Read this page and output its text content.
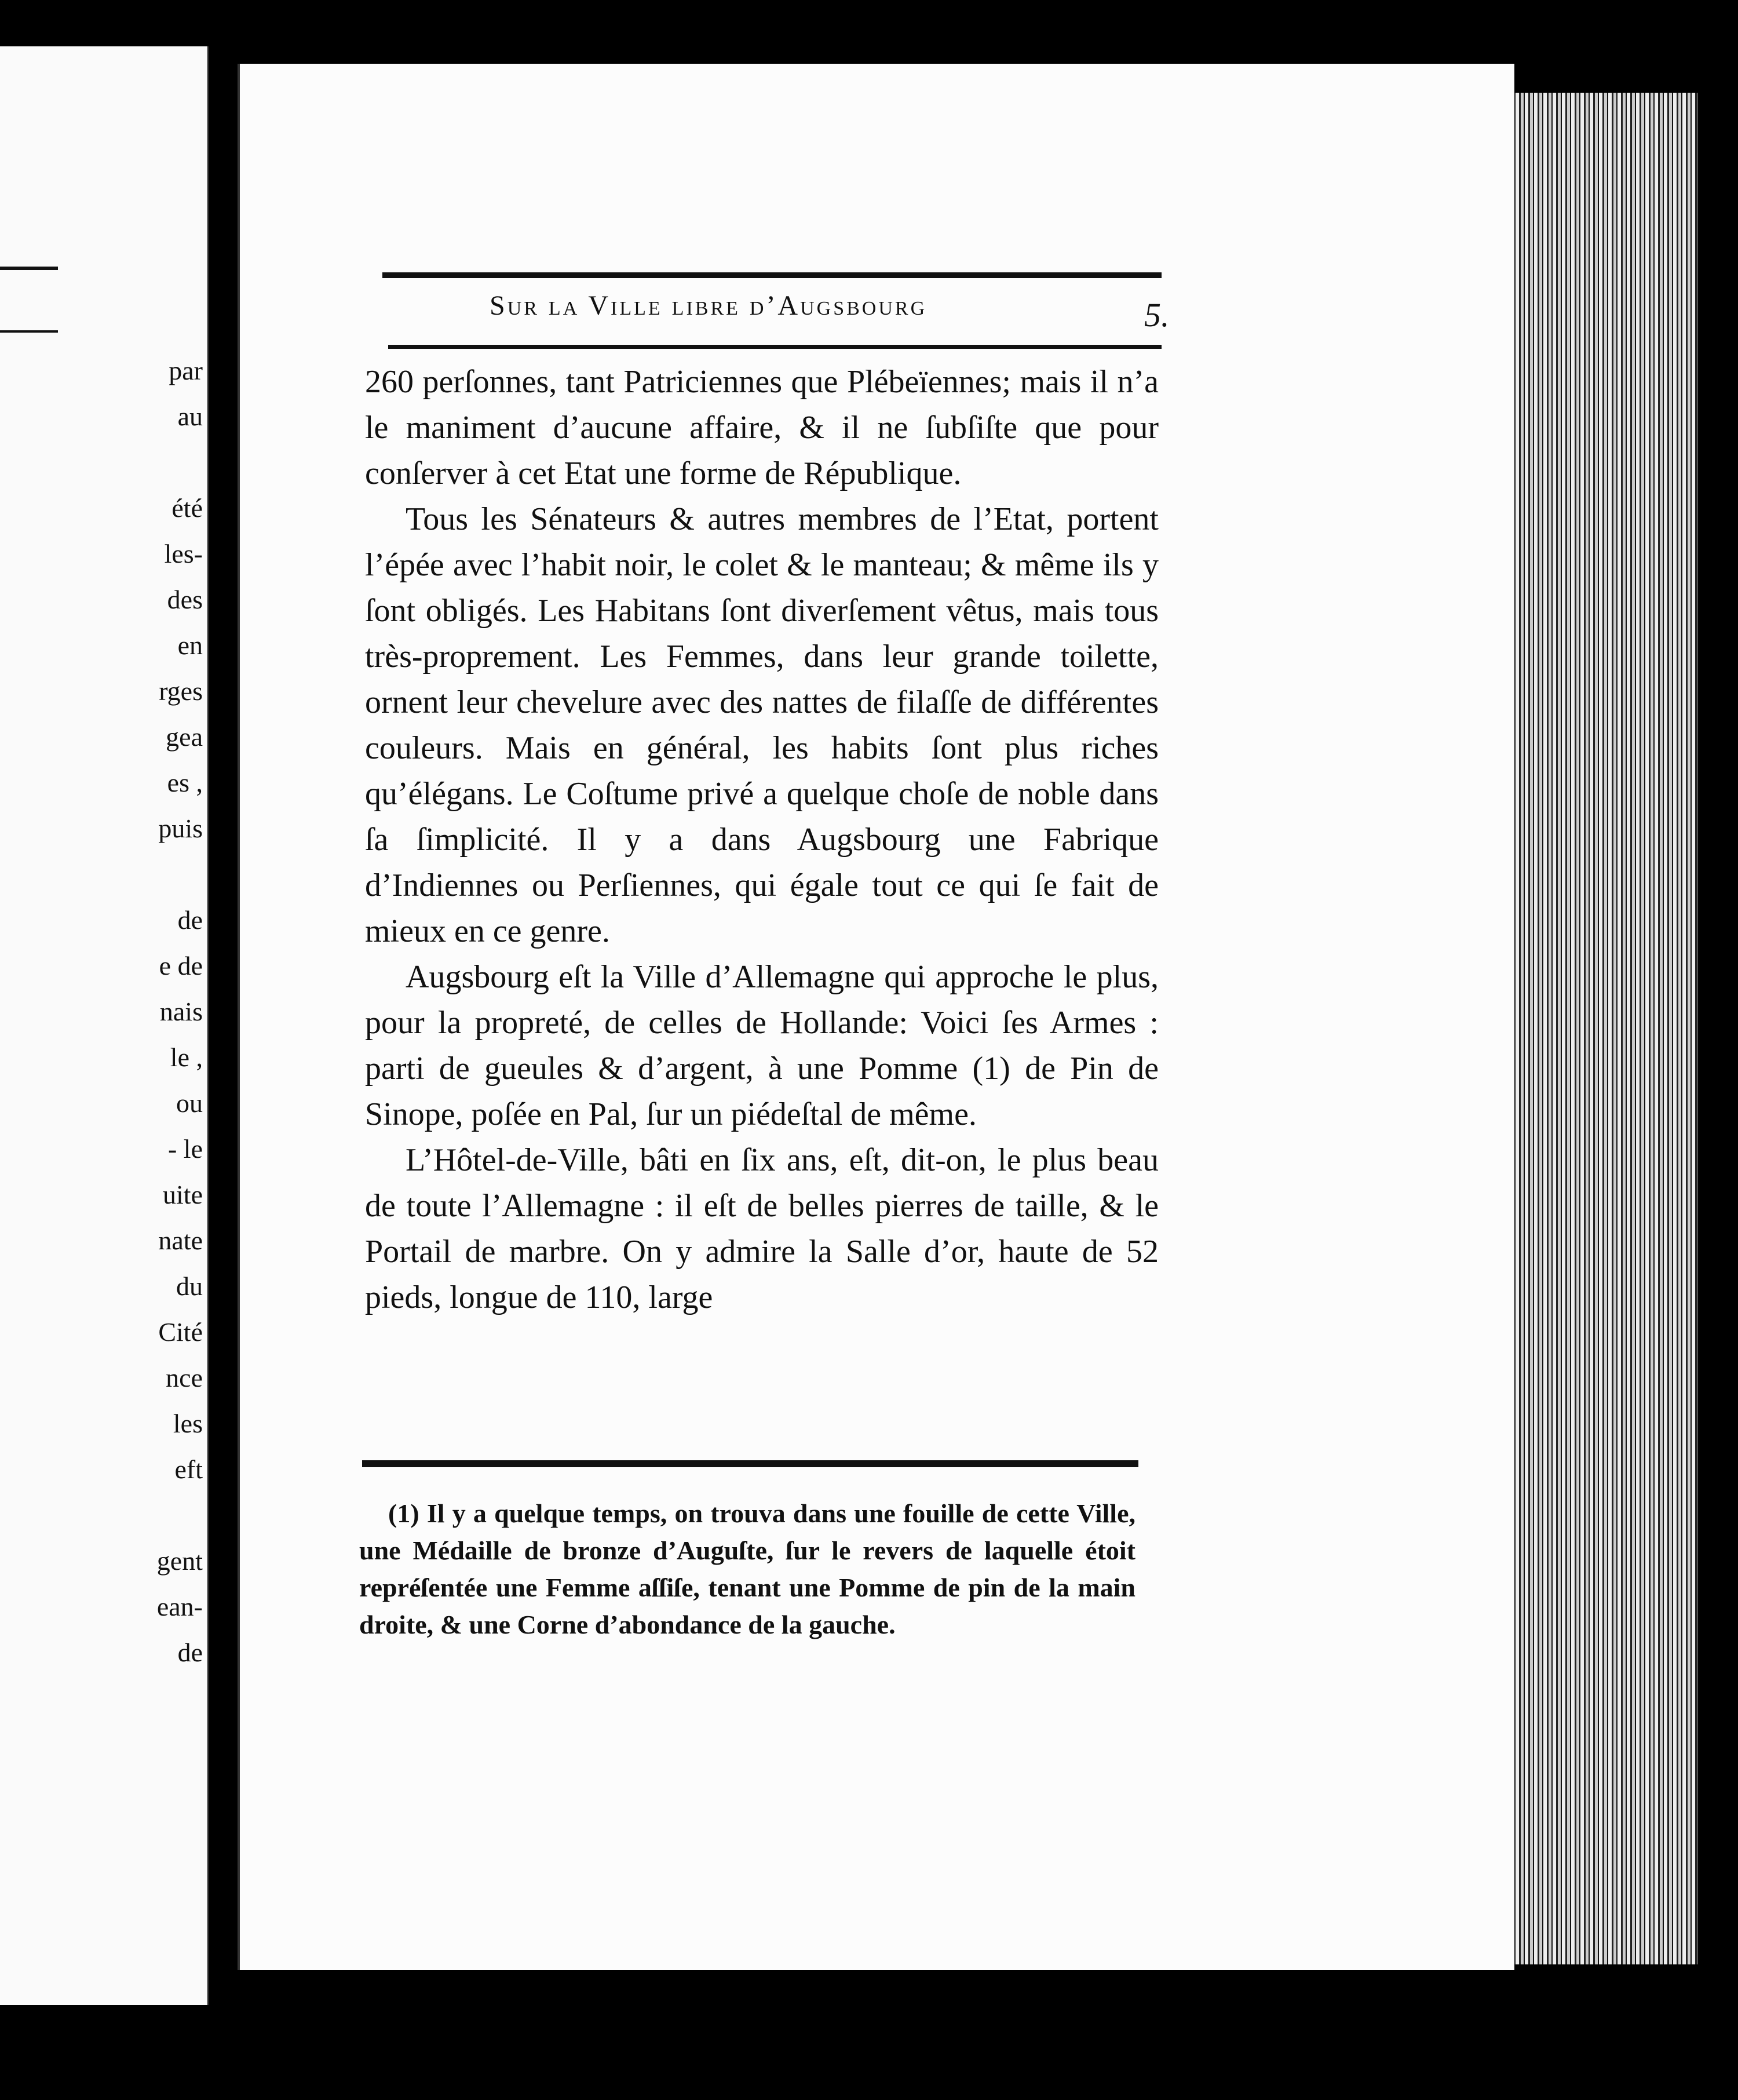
par
au
été
les-
des
en
rges
gea
es ,
puis
de
e de
nais
le ,
ou
- le
uite
nate
du
Cité
nce
les
eft
gent
ean-
de
Sur la Ville libre d’Augsbourg	5.

260 perſonnes, tant Patriciennes que Plébeïennes; mais il n’a le maniment d’aucune affaire, & il ne ſubſiſte que pour conſerver à cet Etat une forme de République.

Tous les Sénateurs & autres membres de l’Etat, portent l’épée avec l’habit noir, le colet & le manteau; & même ils y ſont obligés. Les Habitans ſont diverſement vêtus, mais tous très-proprement. Les Femmes, dans leur grande toilette, ornent leur chevelure avec des nattes de filaſſe de différentes couleurs. Mais en général, les habits ſont plus riches qu’élégans. Le Coſtume privé a quelque choſe de noble dans ſa ſimplicité. Il y a dans Augsbourg une Fabrique d’Indiennes ou Perſiennes, qui égale tout ce qui ſe fait de mieux en ce genre.

Augsbourg eſt la Ville d’Allemagne qui approche le plus, pour la propreté, de celles de Hollande: Voici ſes Armes : parti de gueules & d’argent, à une Pomme (1) de Pin de Sinope, poſée en Pal, ſur un piédeſtal de même.

L’Hôtel-de-Ville, bâti en ſix ans, eſt, dit-on, le plus beau de toute l’Allemagne : il eſt de belles pierres de taille, & le Portail de marbre. On y admire la Salle d’or, haute de 52 pieds, longue de 110, large

(1) Il y a quelque temps, on trouva dans une fouille de cette Ville, une Médaille de bronze d’Auguſte, ſur le revers de laquelle étoit repréſentée une Femme aſſiſe, tenant une Pomme de pin de la main droite, & une Corne d’abondance de la gauche.
